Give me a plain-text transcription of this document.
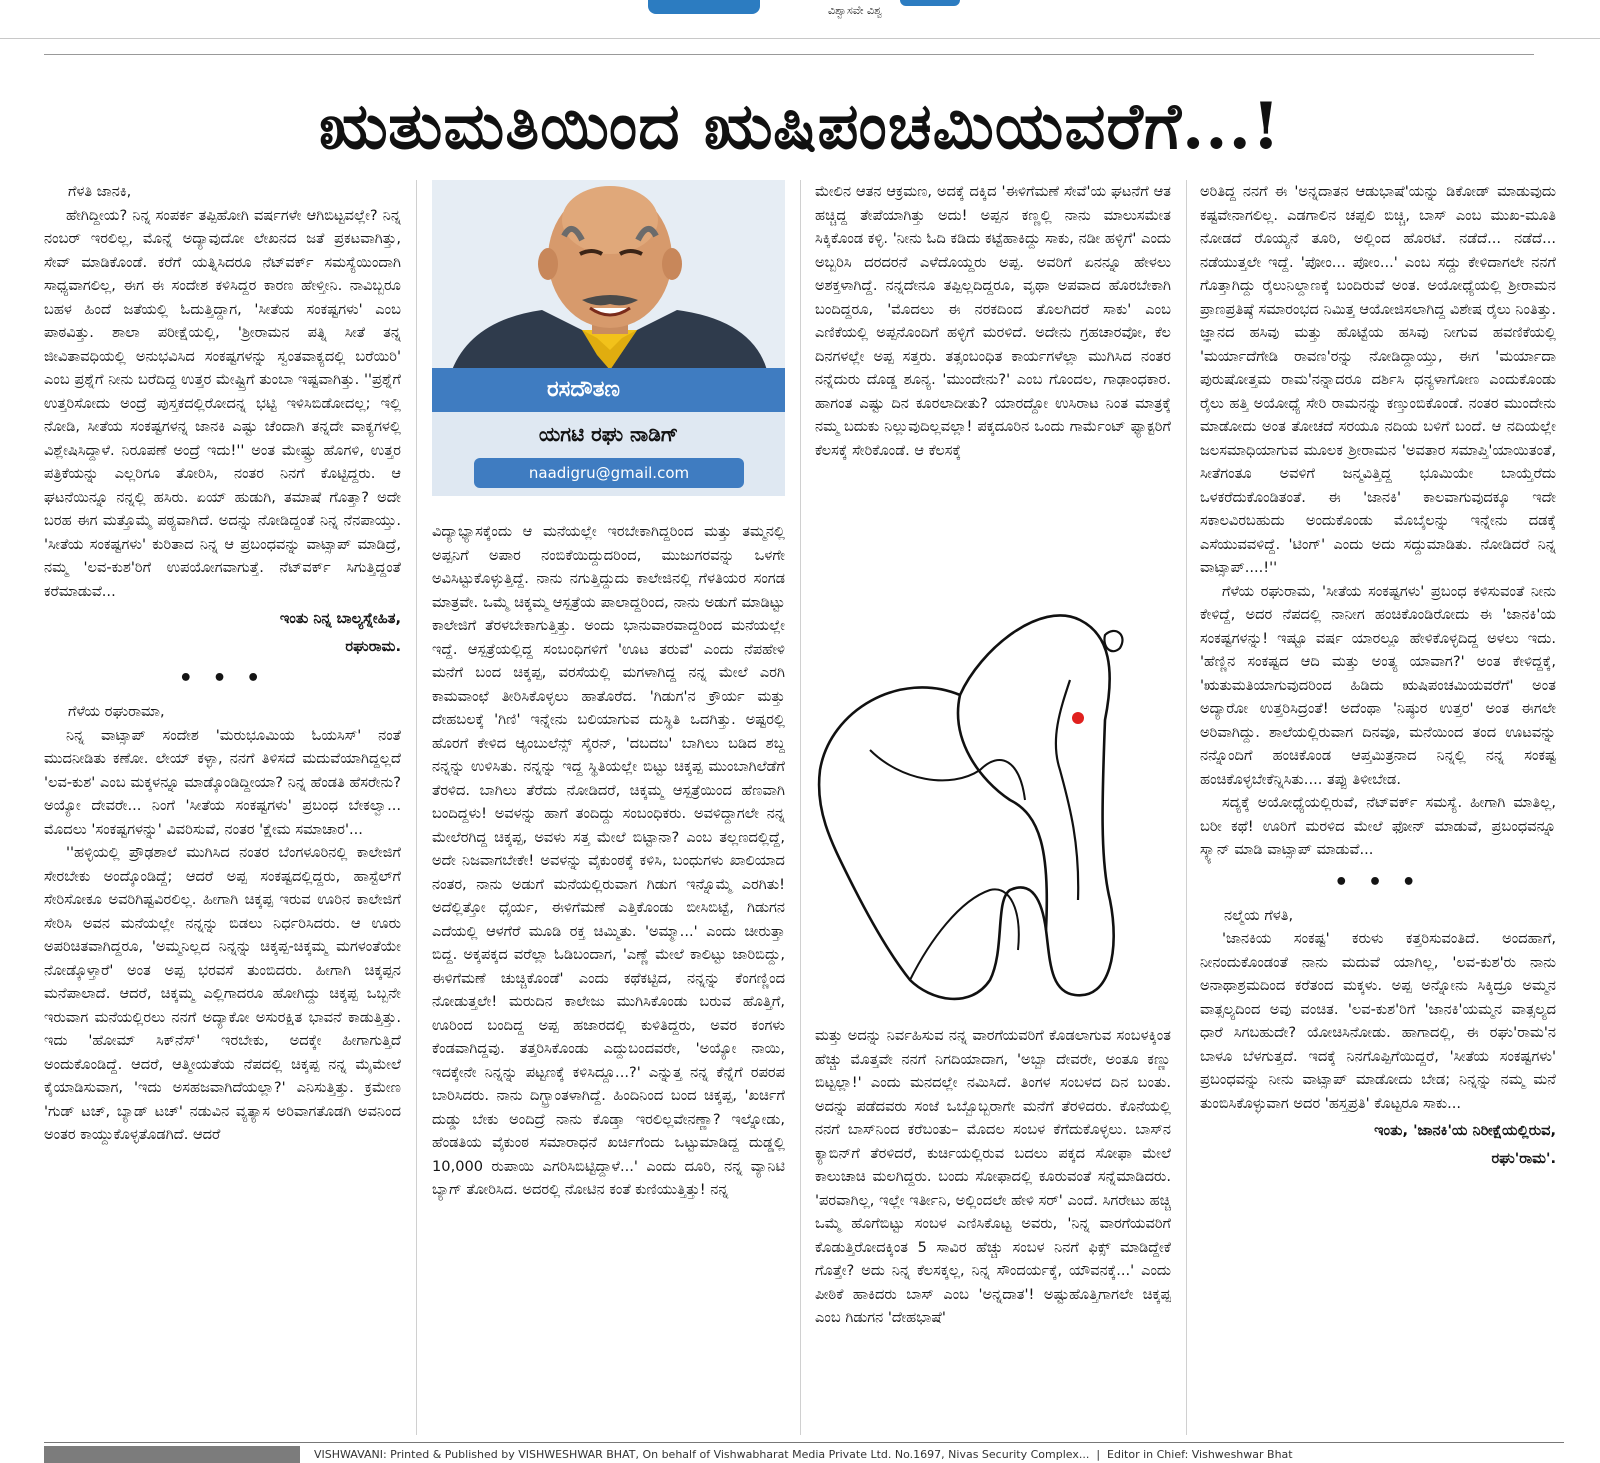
ವಿಶ್ವಾಸವೇ ವಿಶ್ವ
ಋತುಮತಿಯಿಂದ ಋಷಿಪಂಚಮಿಯವರೆಗೆ...!

ಗೆಳತಿ ಜಾನಕಿ,

ಹೇಗಿದ್ದೀಯ? ನಿನ್ನ ಸಂಪರ್ಕ ತಪ್ಪಿಹೋಗಿ ವರ್ಷಗಳೇ ಆಗಿಬಿಟ್ಟವಲ್ಲೇ? ನಿನ್ನ ನಂಬರ್ ಇರಲಿಲ್ಲ, ಮೊನ್ನೆ ಅದ್ಯಾವುದೋ ಲೇಖನದ ಜತೆ ಪ್ರಕಟವಾಗಿತ್ತು, ಸೇವ್ ಮಾಡಿಕೊಂಡೆ. ಕರೆಗೆ ಯತ್ನಿಸಿದರೂ ನೆಟ್‌ವರ್ಕ್ ಸಮಸ್ಯೆಯಿಂದಾಗಿ ಸಾಧ್ಯವಾಗಲಿಲ್ಲ, ಈಗ ಈ ಸಂದೇಶ ಕಳಿಸಿದ್ದರ ಕಾರಣ ಹೇಳ್ತೀನಿ. ನಾವಿಬ್ಬರೂ ಬಹಳ ಹಿಂದೆ ಜತೆಯಲ್ಲಿ ಓದುತ್ತಿದ್ದಾಗ, 'ಸೀತೆಯ ಸಂಕಷ್ಟಗಳು' ಎಂಬ ಪಾಠವಿತ್ತು. ಶಾಲಾ ಪರೀಕ್ಷೆಯಲ್ಲಿ, 'ಶ್ರೀರಾಮನ ಪತ್ನಿ ಸೀತೆ ತನ್ನ ಜೀವಿತಾವಧಿಯಲ್ಲಿ ಅನುಭವಿಸಿದ ಸಂಕಷ್ಟಗಳನ್ನು ಸ್ವಂತವಾಕ್ಯದಲ್ಲಿ ಬರೆಯಿರಿ' ಎಂಬ ಪ್ರಶ್ನೆಗೆ ನೀನು ಬರೆದಿದ್ದ ಉತ್ತರ ಮೇಷ್ಟ್ರಿಗೆ ತುಂಬಾ ಇಷ್ಟವಾಗಿತ್ತು. ''ಪ್ರಶ್ನೆಗೆ ಉತ್ತರಿಸೋದು ಅಂದ್ರೆ ಪುಸ್ತಕದಲ್ಲಿರೋದನ್ನ ಭಟ್ಟಿ ಇಳಿಸಿಬಿಡೋದಲ್ಲ; ಇಲ್ಲಿ ನೋಡಿ, ಸೀತೆಯ ಸಂಕಷ್ಟಗಳನ್ನ ಜಾನಕಿ ಎಷ್ಟು ಚೆಂದಾಗಿ ತನ್ನದೇ ವಾಕ್ಯಗಳಲ್ಲಿ ವಿಶ್ಲೇಷಿಸಿದ್ದಾಳೆ. ನಿರೂಪಣೆ ಅಂದ್ರೆ ಇದು!'' ಅಂತ ಮೇಷ್ಟ್ರು ಹೊಗಳಿ, ಉತ್ತರ ಪತ್ರಿಕೆಯನ್ನು ಎಲ್ಲರಿಗೂ ತೋರಿಸಿ, ನಂತರ ನಿನಗೆ ಕೊಟ್ಟಿದ್ದರು. ಆ ಘಟನೆಯಿನ್ನೂ ನನ್ನಲ್ಲಿ ಹಸಿರು. ಏಯ್ ಹುಡುಗಿ, ತಮಾಷೆ ಗೊತ್ತಾ? ಅದೇ ಬರಹ ಈಗ ಮತ್ತೊಮ್ಮೆ ಪಠ್ಯವಾಗಿದೆ. ಅದನ್ನು ನೋಡಿದ್ದಂತೆ ನಿನ್ನ ನೆನಪಾಯ್ತು. 'ಸೀತೆಯ ಸಂಕಷ್ಟಗಳು' ಕುರಿತಾದ ನಿನ್ನ ಆ ಪ್ರಬಂಧವನ್ನು ವಾಟ್ಸಾಪ್ ಮಾಡಿದ್ರೆ, ನಮ್ಮ 'ಲವ-ಕುಶ'ರಿಗೆ ಉಪಯೋಗವಾಗುತ್ತೆ. ನೆಟ್‌ವರ್ಕ್ ಸಿಗುತ್ತಿದ್ದಂತೆ ಕರೆಮಾಡುವೆ...

ಇಂತು ನಿನ್ನ ಬಾಲ್ಯಸ್ನೇಹಿತ,

ರಘುರಾಮ.

• • •

ಗೆಳೆಯ ರಘುರಾಮಾ,

ನಿನ್ನ ವಾಟ್ಸಾಪ್ ಸಂದೇಶ 'ಮರುಭೂಮಿಯ ಓಯಸಿಸ್' ನಂತೆ ಮುದನೀಡಿತು ಕಣೋ. ಲೇಯ್ ಕಳ್ಳಾ, ನನಗೆ ತಿಳಿಸದೆ ಮದುವೆಯಾಗಿದ್ದಲ್ಲದೆ 'ಲವ-ಕುಶ' ಎಂಬ ಮಕ್ಕಳನ್ನೂ ಮಾಡ್ಕೊಂಡಿದ್ದೀಯಾ? ನಿನ್ನ ಹೆಂಡತಿ ಹೆಸರೇನು? ಅಯ್ಯೋ ದೇವರೇ... ನಿಂಗೆ 'ಸೀತೆಯ ಸಂಕಷ್ಟಗಳು' ಪ್ರಬಂಧ ಬೇಕಲ್ವಾ... ಮೊದಲು 'ಸಂಕಷ್ಟಗಳನ್ನು' ವಿವರಿಸುವೆ, ನಂತರ 'ಕ್ಷೇಮ ಸಮಾಚಾರ'...

''ಹಳ್ಳಿಯಲ್ಲಿ ಪ್ರೌಢಶಾಲೆ ಮುಗಿಸಿದ ನಂತರ ಬೆಂಗಳೂರಿನಲ್ಲಿ ಕಾಲೇಜಿಗೆ ಸೇರಬೇಕು ಅಂದ್ಕೊಂಡಿದ್ದೆ; ಆದರೆ ಅಪ್ಪ ಸಂಕಷ್ಟದಲ್ಲಿದ್ದರು, ಹಾಸ್ಟೆಲ್‌ಗೆ ಸೇರಿಸೋಕೂ ಅವರಿಗಿಷ್ಟವಿರಲಿಲ್ಲ. ಹೀಗಾಗಿ ಚಿಕ್ಕಪ್ಪ ಇರುವ ಊರಿನ ಕಾಲೇಜಿಗೆ ಸೇರಿಸಿ ಅವನ ಮನೆಯಲ್ಲೇ ನನ್ನನ್ನು ಬಿಡಲು ನಿರ್ಧರಿಸಿದರು. ಆ ಊರು ಅಪರಿಚಿತವಾಗಿದ್ದರೂ, 'ಅಮ್ಮನಿಲ್ಲದ ನಿನ್ನನ್ನು ಚಿಕ್ಕಪ್ಪ-ಚಿಕ್ಕಮ್ಮ ಮಗಳಂತೆಯೇ ನೋಡ್ಕೊಳ್ತಾರೆ' ಅಂತ ಅಪ್ಪ ಭರವಸೆ ತುಂಬಿದರು. ಹೀಗಾಗಿ ಚಿಕ್ಕಪ್ಪನ ಮನೆಪಾಲಾದೆ. ಆದರೆ, ಚಿಕ್ಕಮ್ಮ ಎಲ್ಲಿಗಾದರೂ ಹೋಗಿದ್ದು ಚಿಕ್ಕಪ್ಪ ಒಬ್ಬನೇ ಇರುವಾಗ ಮನೆಯಲ್ಲಿರಲು ನನಗೆ ಅದ್ಯಾಕೋ ಅಸುರಕ್ಷಿತ ಭಾವನೆ ಕಾಡುತ್ತಿತ್ತು. ಇದು 'ಹೋಮ್ ಸಿಕ್‌ನೆಸ್' ಇರಬೇಕು, ಅದಕ್ಕೇ ಹೀಗಾಗುತ್ತಿದೆ ಅಂದುಕೊಂಡಿದ್ದೆ. ಆದರೆ, ಆತ್ಮೀಯತೆಯ ನೆಪದಲ್ಲಿ ಚಿಕ್ಕಪ್ಪ ನನ್ನ ಮೈಮೇಲೆ ಕೈಯಾಡಿಸುವಾಗ, 'ಇದು ಅಸಹಜವಾಗಿದೆಯಲ್ಲಾ?' ಎನಿಸುತ್ತಿತ್ತು. ಕ್ರಮೇಣ 'ಗುಡ್ ಟಚ್, ಬ್ಯಾಡ್ ಟಚ್' ನಡುವಿನ ವ್ಯತ್ಯಾಸ ಅರಿವಾಗತೊಡಗಿ ಅವನಿಂದ ಅಂತರ ಕಾಯ್ದುಕೊಳ್ಳತೊಡಗಿದೆ. ಆದರೆ

ರಸದೌತಣ
ಯಗಟಿ ರಘು ನಾಡಿಗ್
naadigru@gmail.com

ವಿದ್ಯಾಭ್ಯಾಸಕ್ಕೆಂದು ಆ ಮನೆಯಲ್ಲೇ ಇರಬೇಕಾಗಿದ್ದರಿಂದ ಮತ್ತು ತಮ್ಮನಲ್ಲಿ ಅಪ್ಪನಿಗೆ ಅಪಾರ ನಂಬಿಕೆಯಿದ್ದುದರಿಂದ, ಮುಜುಗರವನ್ನು ಒಳಗೇ ಅವಿಸಿಟ್ಟುಕೊಳ್ಳುತ್ತಿದ್ದೆ. ನಾನು ನಗುತ್ತಿದ್ದುದು ಕಾಲೇಜಿನಲ್ಲಿ ಗೆಳತಿಯರ ಸಂಗಡ ಮಾತ್ರವೇ. ಒಮ್ಮೆ ಚಿಕ್ಕಮ್ಮ ಆಸ್ಪತ್ರೆಯ ಪಾಲಾದ್ದರಿಂದ, ನಾನು ಅಡುಗೆ ಮಾಡಿಟ್ಟು ಕಾಲೇಜಿಗೆ ತೆರಳಬೇಕಾಗುತ್ತಿತ್ತು. ಅಂದು ಭಾನುವಾರವಾದ್ದರಿಂದ ಮನೆಯಲ್ಲೇ ಇದ್ದೆ. ಆಸ್ಪತ್ರೆಯಲ್ಲಿದ್ದ ಸಂಬಂಧಿಗಳಿಗೆ 'ಊಟ ತರುವೆ' ಎಂದು ನೆಪಹೇಳಿ ಮನೆಗೆ ಬಂದ ಚಿಕ್ಕಪ್ಪ, ವರಸೆಯಲ್ಲಿ ಮಗಳಾಗಿದ್ದ ನನ್ನ ಮೇಲೆ ಎರಗಿ ಕಾಮವಾಂಛೆ ತೀರಿಸಿಕೊಳ್ಳಲು ಹಾತೊರೆದ. 'ಗಿಡುಗ'ನ ಕ್ರೌರ್ಯ ಮತ್ತು ದೇಹಬಲಕ್ಕೆ 'ಗಿಣಿ' ಇನ್ನೇನು ಬಲಿಯಾಗುವ ದುಸ್ಥಿತಿ ಒದಗಿತ್ತು. ಅಷ್ಟರಲ್ಲಿ ಹೊರಗೆ ಕೇಳಿದ ಆ್ಯಂಬುಲೆನ್ಸ್ ಸೈರನ್, 'ದಬದಬ' ಬಾಗಿಲು ಬಡಿದ ಶಬ್ದ ನನ್ನನ್ನು ಉಳಿಸಿತು. ನನ್ನನ್ನು ಇದ್ದ ಸ್ಥಿತಿಯಲ್ಲೇ ಬಿಟ್ಟು ಚಿಕ್ಕಪ್ಪ ಮುಂಬಾಗಿಲೆಡೆಗೆ ತೆರಳಿದ. ಬಾಗಿಲು ತೆರೆದು ನೋಡಿದರೆ, ಚಿಕ್ಕಮ್ಮ ಆಸ್ಪತ್ರೆಯಿಂದ ಹೆಣವಾಗಿ ಬಂದಿದ್ದಳು! ಅವಳನ್ನು ಹಾಗೆ ತಂದಿದ್ದು ಸಂಬಂಧಿಕರು. ಅವಳಿದ್ದಾಗಲೇ ನನ್ನ ಮೇಲೆರಗಿದ್ದ ಚಿಕ್ಕಪ್ಪ, ಅವಳು ಸತ್ತ ಮೇಲೆ ಬಿಟ್ಟಾನಾ? ಎಂಬ ತಲ್ಲಣದಲ್ಲಿದ್ದೆ, ಅದೇ ನಿಜವಾಗಬೇಕೇ! ಅವಳನ್ನು ವೈಕುಂಠಕ್ಕೆ ಕಳಿಸಿ, ಬಂಧುಗಳು ಖಾಲಿಯಾದ ನಂತರ, ನಾನು ಅಡುಗೆ ಮನೆಯಲ್ಲಿರುವಾಗ ಗಿಡುಗ ಇನ್ನೊಮ್ಮೆ ಎರಗಿತು! ಅದೆಲ್ಲಿತ್ತೋ ಧೈರ್ಯ, ಈಳಿಗೆಮಣೆ ಎತ್ತಿಕೊಂಡು ಬೀಸಿಬಿಟ್ಟೆ, ಗಿಡುಗನ ಎದೆಯಲ್ಲಿ ಆಳಗೆರೆ ಮೂಡಿ ರಕ್ತ ಚಿಮ್ಮಿತು. 'ಅಮ್ಮಾ...' ಎಂದು ಚೀರುತ್ತಾ ಬಿದ್ದ. ಅಕ್ಕಪಕ್ಕದ ವರೆಲ್ಲಾ ಓಡಿಬಂದಾಗ, 'ಎಣ್ಣೆ ಮೇಲೆ ಕಾಲಿಟ್ಟು ಜಾರಿಬಿದ್ದು, ಈಳಿಗೆಮಣೆ ಚುಚ್ಚಿಕೊಂಡೆ' ಎಂದು ಕಥೆಕಟ್ಟಿದ, ನನ್ನನ್ನು ಕೆಂಗಣ್ಣಿಂದ ನೋಡುತ್ತಲೇ! ಮರುದಿನ ಕಾಲೇಜು ಮುಗಿಸಿಕೊಂಡು ಬರುವ ಹೊತ್ತಿಗೆ, ಊರಿಂದ ಬಂದಿದ್ದ ಅಪ್ಪ ಹಜಾರದಲ್ಲಿ ಕುಳಿತಿದ್ದರು, ಅವರ ಕಂಗಳು ಕೆಂಡವಾಗಿದ್ದವು. ತತ್ತರಿಸಿಕೊಂಡು ಎದ್ದುಬಂದವರೇ, 'ಅಯ್ಯೋ ನಾಯಿ, ಇದಕ್ಕೇನೇ ನಿನ್ನನ್ನು ಪಟ್ಟಣಕ್ಕೆ ಕಳಿಸಿದ್ದೂ...?' ಎನ್ನುತ್ತ ನನ್ನ ಕೆನ್ನೆಗೆ ರಪರಪ ಬಾರಿಸಿದರು. ನಾನು ದಿಗ್ಭ್ರಾಂತಳಾಗಿದ್ದೆ. ಹಿಂದಿನಿಂದ ಬಂದ ಚಿಕ್ಕಪ್ಪ, 'ಖರ್ಚಿಗೆ ದುಡ್ಡು ಬೇಕು ಅಂದಿದ್ರೆ ನಾನು ಕೊಡ್ತಾ ಇರಲಿಲ್ಲವೇನಣ್ಣಾ? ಇಲ್ನೋಡು, ಹೆಂಡತಿಯ ವೈಕುಂಠ ಸಮಾರಾಧನೆ ಖರ್ಚಿಗೆಂದು ಒಟ್ಟುಮಾಡಿದ್ದ ದುಡ್ಡಲ್ಲಿ 10,000 ರುಪಾಯಿ ಎಗರಿಸಿಬಿಟ್ಟಿದ್ದಾಳೆ...' ಎಂದು ದೂರಿ, ನನ್ನ ವ್ಯಾನಿಟಿ ಬ್ಯಾಗ್ ತೋರಿಸಿದ. ಅದರಲ್ಲಿ ನೋಟಿನ ಕಂತೆ ಕುಣಿಯುತ್ತಿತ್ತು! ನನ್ನ

ಮೇಲಿನ ಆತನ ಆಕ್ರಮಣ, ಅದಕ್ಕೆ ದಕ್ಕಿದ 'ಈಳಿಗೆಮಣೆ ಸೇವೆ'ಯ ಘಟನೆಗೆ ಆತ ಹಚ್ಚಿದ್ದ ತೇಪೆಯಾಗಿತ್ತು ಅದು! ಅಪ್ಪನ ಕಣ್ಣಲ್ಲಿ ನಾನು ಮಾಲುಸಮೇತ ಸಿಕ್ಕಿಕೊಂಡ ಕಳ್ಳಿ. 'ನೀನು ಓದಿ ಕಡಿದು ಕಟ್ಟೆಹಾಕಿದ್ದು ಸಾಕು, ನಡೀ ಹಳ್ಳಿಗೆ' ಎಂದು ಅಬ್ಬರಿಸಿ ದರದರನೆ ಎಳೆದೊಯ್ದರು ಅಪ್ಪ. ಅವರಿಗೆ ಏನನ್ನೂ ಹೇಳಲು ಅಶಕ್ತಳಾಗಿದ್ದೆ. ನನ್ನದೇನೂ ತಪ್ಪಿಲ್ಲದಿದ್ದರೂ, ವೃಥಾ ಅಪವಾದ ಹೊರಬೇಕಾಗಿ ಬಂದಿದ್ದರೂ, 'ಮೊದಲು ಈ ನರಕದಿಂದ ತೊಲಗಿದರೆ ಸಾಕು' ಎಂಬ ಎಣಿಕೆಯಲ್ಲಿ ಅಪ್ಪನೊಂದಿಗೆ ಹಳ್ಳಿಗೆ ಮರಳಿದೆ. ಅದೇನು ಗ್ರಹಚಾರವೋ, ಕೆಲ ದಿನಗಳಲ್ಲೇ ಅಪ್ಪ ಸತ್ತರು. ತತ್ಸಂಬಂಧಿತ ಕಾರ್ಯಗಳೆಲ್ಲಾ ಮುಗಿಸಿದ ನಂತರ ನನ್ನೆದುರು ದೊಡ್ಡ ಶೂನ್ಯ. 'ಮುಂದೇನು?' ಎಂಬ ಗೊಂದಲ, ಗಾಢಾಂಧಕಾರ. ಹಾಗಂತ ಎಷ್ಟು ದಿನ ಕೂರಲಾದೀತು? ಯಾರದ್ದೋ ಉಸಿರಾಟ ನಿಂತ ಮಾತ್ರಕ್ಕೆ ನಮ್ಮ ಬದುಕು ನಿಲ್ಲುವುದಿಲ್ಲವಲ್ಲಾ! ಪಕ್ಕದೂರಿನ ಒಂದು ಗಾರ್ಮೆಂಟ್ ಫ್ಯಾಕ್ಟರಿಗೆ ಕೆಲಸಕ್ಕೆ ಸೇರಿಕೊಂಡೆ. ಆ ಕೆಲಸಕ್ಕೆ

ಮತ್ತು ಅದನ್ನು ನಿರ್ವಹಿಸುವ ನನ್ನ ವಾರಗೆಯವರಿಗೆ ಕೊಡಲಾಗುವ ಸಂಬಳಕ್ಕಿಂತ ಹೆಚ್ಚು ಮೊತ್ತವೇ ನನಗೆ ನಿಗದಿಯಾದಾಗ, 'ಅಬ್ಬಾ ದೇವರೇ, ಅಂತೂ ಕಣ್ಣು ಬಿಟ್ಟಲ್ಲಾ!' ಎಂದು ಮನದಲ್ಲೇ ನಮಿಸಿದೆ. ತಿಂಗಳ ಸಂಬಳದ ದಿನ ಬಂತು. ಅದನ್ನು ಪಡೆದವರು ಸಂಜೆ ಒಬ್ಬೊಬ್ಬರಾಗೇ ಮನೆಗೆ ತೆರಳಿದರು. ಕೊನೆಯಲ್ಲಿ ನನಗೆ ಬಾಸ್‌ನಿಂದ ಕರೆಬಂತು– ಮೊದಲ ಸಂಬಳ ಕೆಗೆದುಕೊಳ್ಳಲು. ಬಾಸ್‌ನ ಕ್ಯಾಬಿನ್‌ಗೆ ತೆರಳಿದರೆ, ಕುರ್ಚಿಯಲ್ಲಿರುವ ಬದಲು ಪಕ್ಕದ ಸೋಫಾ ಮೇಲೆ ಕಾಲುಚಾಚಿ ಮಲಗಿದ್ದರು. ಬಂದು ಸೋಫಾದಲ್ಲಿ ಕೂರುವಂತೆ ಸನ್ನೆಮಾಡಿದರು. 'ಪರವಾಗಿಲ್ಲ, ಇಲ್ಲೇ ಇರ್ತೀನಿ, ಅಲ್ಲಿಂದಲೇ ಹೇಳಿ ಸರ್' ಎಂದೆ. ಸಿಗರೇಟು ಹಚ್ಚಿ ಒಮ್ಮೆ ಹೊಗೆಬಿಟ್ಟು ಸಂಬಳ ಎಣಿಸಿಕೊಟ್ಟ ಅವರು, 'ನಿನ್ನ ವಾರಗೆಯವರಿಗೆ ಕೊಡುತ್ತಿರೋದಕ್ಕಿಂತ 5 ಸಾವಿರ ಹೆಚ್ಚು ಸಂಬಳ ನಿನಗೆ ಫಿಕ್ಸ್ ಮಾಡಿದ್ದೇಕೆ ಗೊತ್ತೇ? ಅದು ನಿನ್ನ ಕೆಲಸಕ್ಕಲ್ಲ, ನಿನ್ನ ಸೌಂದರ್ಯಕ್ಕೆ, ಯೌವನಕ್ಕೆ...' ಎಂದು ಪೀಠಿಕೆ ಹಾಕಿದರು ಬಾಸ್ ಎಂಬ 'ಅನ್ನದಾತ'! ಅಷ್ಟುಹೊತ್ತಿಗಾಗಲೇ ಚಿಕ್ಕಪ್ಪ ಎಂಬ ಗಿಡುಗನ 'ದೇಹಭಾಷೆ'

ಅರಿತಿದ್ದ ನನಗೆ ಈ 'ಅನ್ನದಾತನ ಆಡುಭಾಷೆ'ಯನ್ನು ಡಿಕೋಡ್ ಮಾಡುವುದು ಕಷ್ಟವೇನಾಗಲಿಲ್ಲ. ಎಡಗಾಲಿನ ಚಪ್ಪಲಿ ಬಿಚ್ಚಿ, ಬಾಸ್ ಎಂಬ ಮುಖ-ಮೂತಿ ನೋಡದೆ ರೊಯ್ಯನೆ ತೂರಿ, ಅಲ್ಲಿಂದ ಹೊರಟೆ. ನಡೆದೆ... ನಡೆದೆ... ನಡೆಯುತ್ತಲೇ ಇದ್ದೆ. 'ಪೋಂ... ಪೋಂ...' ಎಂಬ ಸದ್ದು ಕೇಳಿದಾಗಲೇ ನನಗೆ ಗೊತ್ತಾಗಿದ್ದು ರೈಲುನಿಲ್ದಾಣಕ್ಕೆ ಬಂದಿರುವೆ ಅಂತ. ಅಯೋಧ್ಯೆಯಲ್ಲಿ ಶ್ರೀರಾಮನ ಪ್ರಾಣಪ್ರತಿಷ್ಠೆ ಸಮಾರಂಭದ ನಿಮಿತ್ತ ಆಯೋಜಿಸಲಾಗಿದ್ದ ವಿಶೇಷ ರೈಲು ನಿಂತಿತ್ತು. ಜ್ಞಾನದ ಹಸಿವು ಮತ್ತು ಹೊಟ್ಟೆಯ ಹಸಿವು ನೀಗುವ ಹವಣಿಕೆಯಲ್ಲಿ 'ಮರ್ಯಾದೆಗೇಡಿ ರಾವಣ'ರನ್ನು ನೋಡಿದ್ದಾಯ್ತು, ಈಗ 'ಮರ್ಯಾದಾ ಪುರುಷೋತ್ತಮ ರಾಮ'ನನ್ನಾದರೂ ದರ್ಶಿಸಿ ಧನ್ಯಳಾಗೋಣ ಎಂದುಕೊಂಡು ರೈಲು ಹತ್ತಿ ಅಯೋಧ್ಯೆ ಸೇರಿ ರಾಮನನ್ನು ಕಣ್ತುಂಬಿಕೊಂಡೆ. ನಂತರ ಮುಂದೇನು ಮಾಡೋದು ಅಂತ ತೋಚದೆ ಸರಯೂ ನದಿಯ ಬಳಿಗೆ ಬಂದೆ. ಆ ನದಿಯಲ್ಲೇ ಜಲಸಮಾಧಿಯಾಗುವ ಮೂಲಕ ಶ್ರೀರಾಮನ 'ಅವತಾರ ಸಮಾಪ್ತಿ'ಯಾಯಿತಂತೆ, ಸೀತೆಗಂತೂ ಅವಳಿಗೆ ಜನ್ಮವಿತ್ತಿದ್ದ ಭೂಮಿಯೇ ಬಾಯ್ತೆರೆದು ಒಳಕರೆದುಕೊಂಡಿತಂತೆ. ಈ 'ಜಾನಕಿ' ಕಾಲವಾಗುವುದಕ್ಕೂ ಇದೇ ಸಕಾಲವಿರಬಹುದು ಅಂದುಕೊಂಡು ಮೊಬೈಲನ್ನು ಇನ್ನೇನು ದಡಕ್ಕೆ ಎಸೆಯುವವಳಿದ್ದೆ. 'ಟಿಂಗ್' ಎಂದು ಅದು ಸದ್ದುಮಾಡಿತು. ನೋಡಿದರೆ ನಿನ್ನ ವಾಟ್ಸಾಪ್....!''

ಗೆಳೆಯ ರಘುರಾಮ, 'ಸೀತೆಯ ಸಂಕಷ್ಟಗಳು' ಪ್ರಬಂಧ ಕಳಿಸುವಂತೆ ನೀನು ಕೇಳಿದ್ದೆ, ಅದರ ನೆಪದಲ್ಲಿ ನಾನೀಗ ಹಂಚಿಕೊಂಡಿರೋದು ಈ 'ಜಾನಕಿ'ಯ ಸಂಕಷ್ಟಗಳನ್ನು! ಇಷ್ಟೂ ವರ್ಷ ಯಾರಲ್ಲೂ ಹೇಳಿಕೊಳ್ಳದಿದ್ದ ಅಳಲು ಇದು. 'ಹೆಣ್ಣಿನ ಸಂಕಷ್ಟದ ಆದಿ ಮತ್ತು ಅಂತ್ಯ ಯಾವಾಗ?' ಅಂತ ಕೇಳಿದ್ದಕ್ಕೆ, 'ಋತುಮತಿಯಾಗುವುದರಿಂದ ಹಿಡಿದು ಋಷಿಪಂಚಮಿಯವರೆಗೆ' ಅಂತ ಅದ್ಯಾರೋ ಉತ್ತರಿಸಿದ್ರಂತೆ! ಅದೆಂಥಾ 'ನಿಷ್ಠುರ ಉತ್ತರ' ಅಂತ ಈಗಲೇ ಅರಿವಾಗಿದ್ದು. ಶಾಲೆಯಲ್ಲಿರುವಾಗ ದಿನವೂ, ಮನೆಯಿಂದ ತಂದ ಊಟವನ್ನು ನನ್ನೊಂದಿಗೆ ಹಂಚಿಕೊಂಡ ಆಪ್ತಮಿತ್ರನಾದ ನಿನ್ನಲ್ಲಿ ನನ್ನ ಸಂಕಷ್ಟ ಹಂಚಿಕೊಳ್ಳಬೇಕೆನ್ನಿಸಿತು.... ತಪ್ಪು ತಿಳೀಬೇಡ.

ಸದ್ಯಕ್ಕೆ ಅಯೋಧ್ಯೆಯಲ್ಲಿರುವೆ, ನೆಟ್‌ವರ್ಕ್ ಸಮಸ್ಯೆ. ಹೀಗಾಗಿ ಮಾತಿಲ್ಲ, ಬರೀ ಕಥೆ! ಊರಿಗೆ ಮರಳಿದ ಮೇಲೆ ಫೋನ್ ಮಾಡುವೆ, ಪ್ರಬಂಧವನ್ನೂ ಸ್ಕ್ಯಾನ್ ಮಾಡಿ ವಾಟ್ಸಾಪ್ ಮಾಡುವೆ...

• • •

ನಲ್ಮೆಯ ಗೆಳತಿ,

'ಜಾನಕಿಯ ಸಂಕಷ್ಟ' ಕರುಳು ಕತ್ತರಿಸುವಂತಿದೆ. ಅಂದಹಾಗೆ, ನೀನಂದುಕೊಂಡಂತೆ ನಾನು ಮದುವೆ ಯಾಗಿಲ್ಲ, 'ಲವ-ಕುಶ'ರು ನಾನು ಅನಾಥಾಶ್ರಮದಿಂದ ಕರೆತಂದ ಮಕ್ಕಳು. ಅಪ್ಪ ಅನ್ನೋನು ಸಿಕ್ಕಿದ್ರೂ ಅಮ್ಮನ ವಾತ್ಸಲ್ಯದಿಂದ ಅವು ವಂಚಿತ. 'ಲವ-ಕುಶ'ರಿಗೆ 'ಜಾನಕಿ'ಯಮ್ಮನ ವಾತ್ಸಲ್ಯದ ಧಾರೆ ಸಿಗಬಹುದೇ? ಯೋಚಿಸಿನೋಡು. ಹಾಗಾದಲ್ಲಿ, ಈ ರಘು'ರಾಮ'ನ ಬಾಳೂ ಬೆಳಗುತ್ತದೆ. ಇದಕ್ಕೆ ನಿನಗೊಪ್ಪಿಗೆಯಿದ್ದರೆ, 'ಸೀತೆಯ ಸಂಕಷ್ಟಗಳು' ಪ್ರಬಂಧವನ್ನು ನೀನು ವಾಟ್ಸಾಪ್ ಮಾಡೋದು ಬೇಡ; ನಿನ್ನನ್ನು ನಮ್ಮ ಮನೆ ತುಂಬಿಸಿಕೊಳ್ಳುವಾಗ ಅದರ 'ಹಸ್ತಪ್ರತಿ' ಕೊಟ್ಟರೂ ಸಾಕು...

ಇಂತು, 'ಜಾನಕಿ'ಯ ನಿರೀಕ್ಷೆಯಲ್ಲಿರುವ,

ರಘು'ರಾಮ'.

VISHWAVANI: Printed & Published by VISHWESHWAR BHAT, On behalf of Vishwabharat Media Private Ltd. No.1697, Nivas Security Complex...  |  Editor in Chief: Vishweshwar Bhat
